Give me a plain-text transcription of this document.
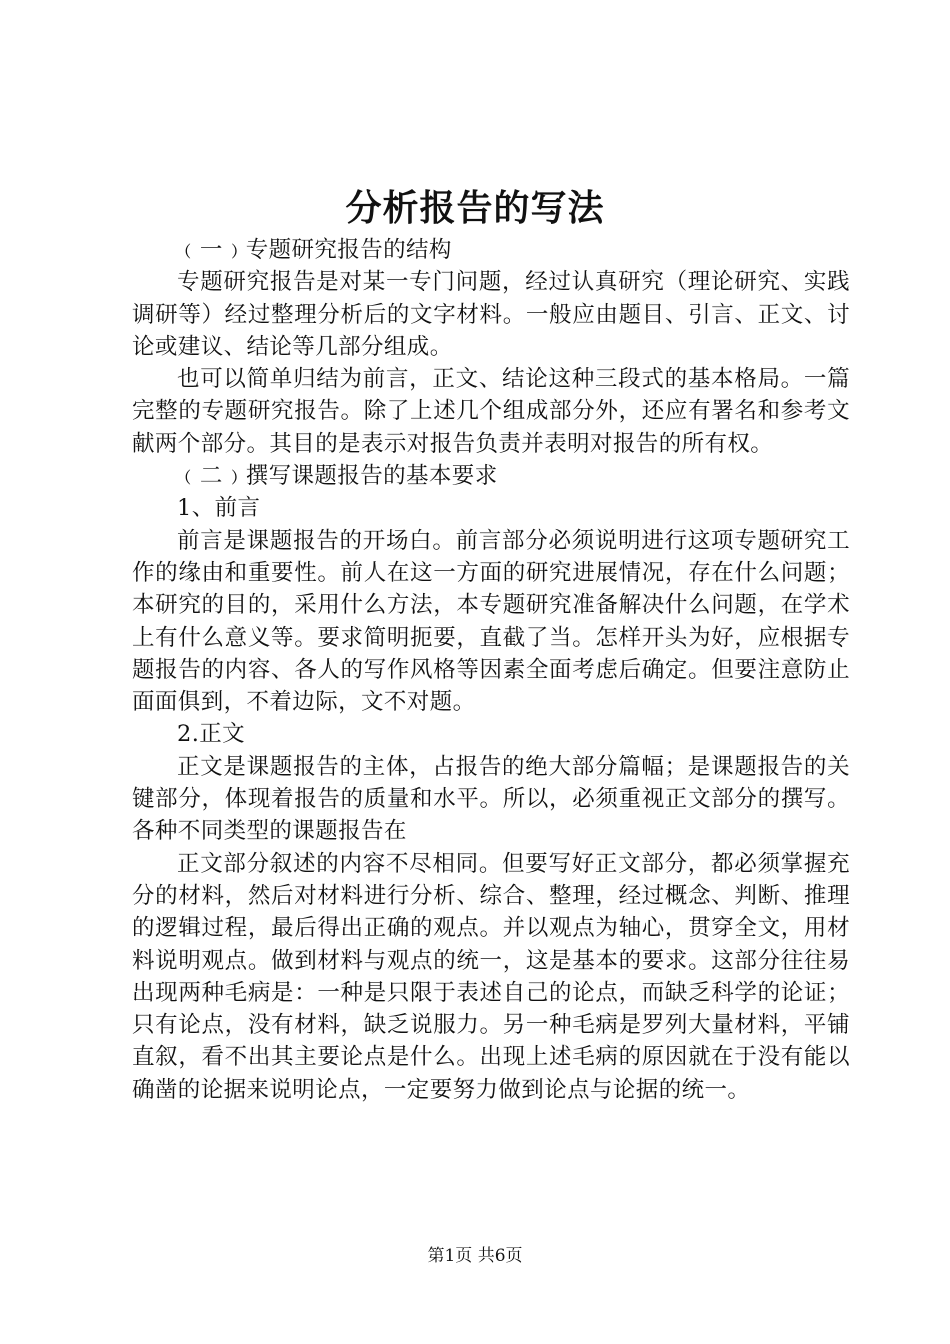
分析报告的写法

﹙一﹚专题研究报告的结构

专题研究报告是对某一专门问题，经过认真研究（理论研究、实践调研等）经过整理分析后的文字材料。一般应由题目、引言、正文、讨论或建议、结论等几部分组成。

也可以简单归结为前言，正文、结论这种三段式的基本格局。一篇完整的专题研究报告。除了上述几个组成部分外，还应有署名和参考文献两个部分。其目的是表示对报告负责并表明对报告的所有权。

﹙二﹚撰写课题报告的基本要求

1、前言

前言是课题报告的开场白。前言部分必须说明进行这项专题研究工作的缘由和重要性。前人在这一方面的研究进展情况，存在什么问题；本研究的目的，采用什么方法，本专题研究准备解决什么问题，在学术上有什么意义等。要求简明扼要，直截了当。怎样开头为好，应根据专题报告的内容、各人的写作风格等因素全面考虑后确定。但要注意防止面面俱到，不着边际，文不对题。

2.正文

正文是课题报告的主体，占报告的绝大部分篇幅；是课题报告的关键部分，体现着报告的质量和水平。所以，必须重视正文部分的撰写。各种不同类型的课题报告在

正文部分叙述的内容不尽相同。但要写好正文部分，都必须掌握充分的材料，然后对材料进行分析、综合、整理，经过概念、判断、推理的逻辑过程，最后得出正确的观点。并以观点为轴心，贯穿全文，用材料说明观点。做到材料与观点的统一，这是基本的要求。这部分往往易出现两种毛病是：一种是只限于表述自己的论点，而缺乏科学的论证；只有论点，没有材料，缺乏说服力。另一种毛病是罗列大量材料，平铺直叙，看不出其主要论点是什么。出现上述毛病的原因就在于没有能以确凿的论据来说明论点，一定要努力做到论点与论据的统一。

第1页 共6页
